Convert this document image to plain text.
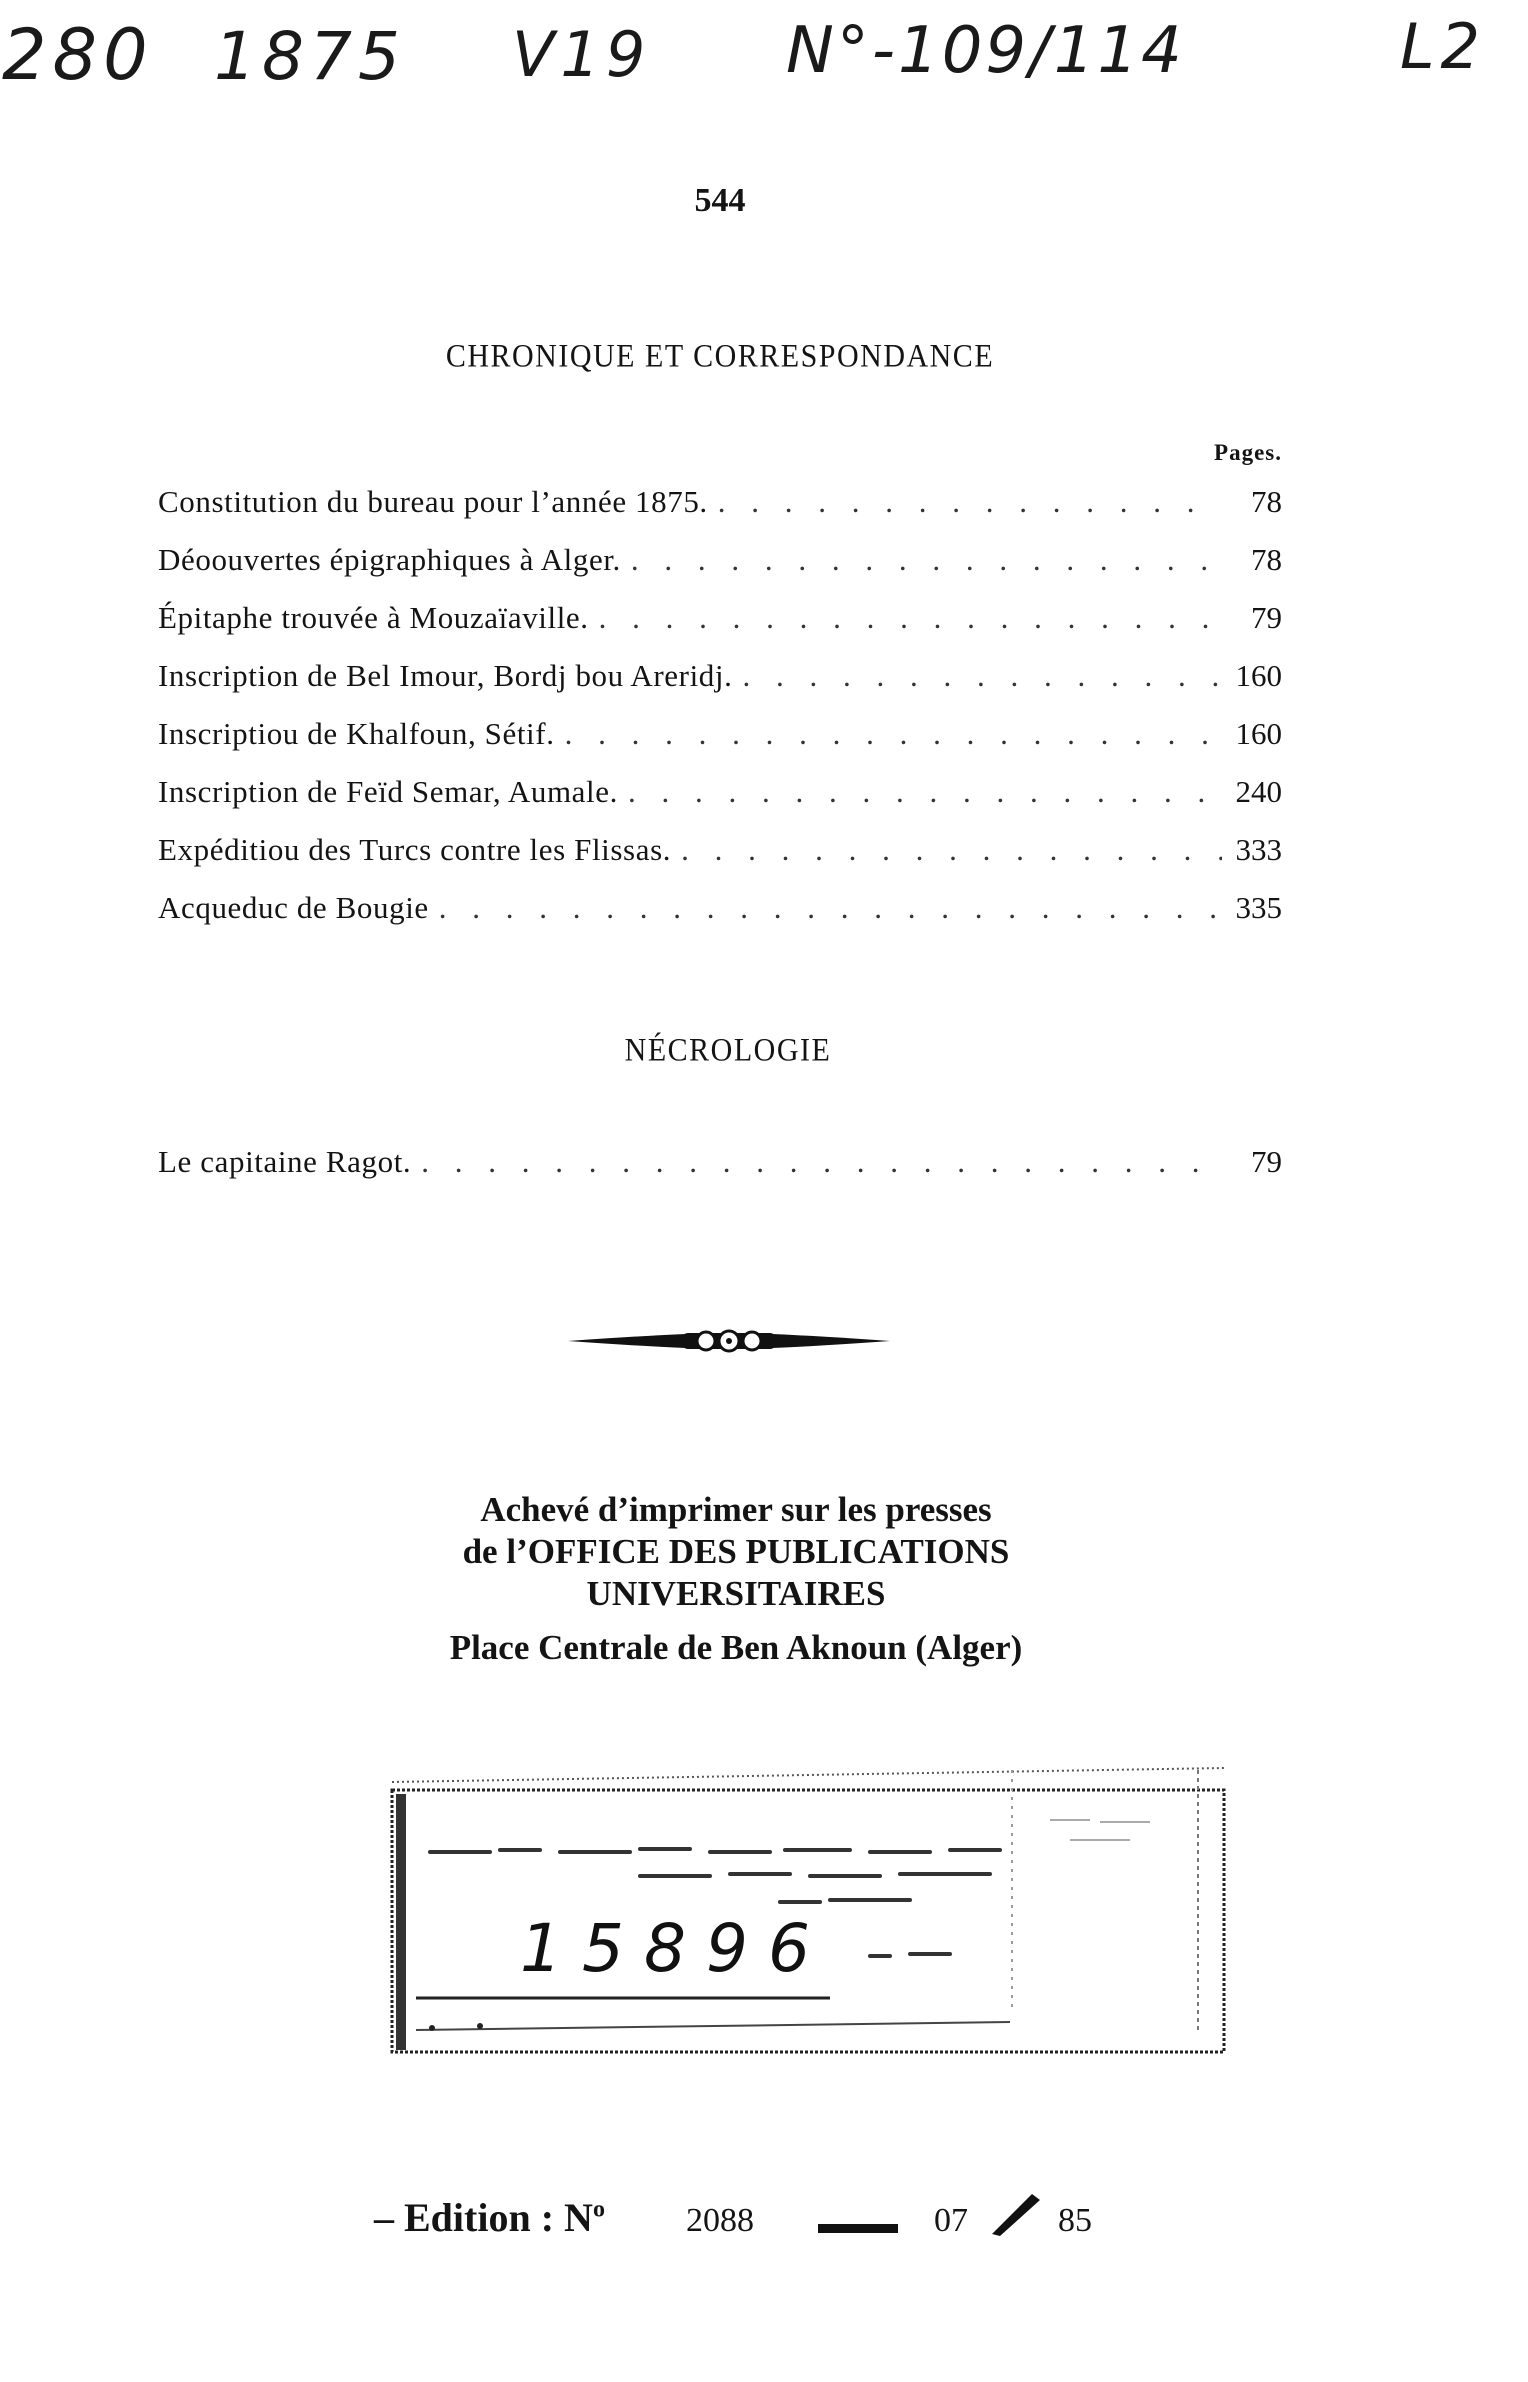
280 1875 V19 N°-109/114	L2
544
CHRONIQUE ET CORRESPONDANCE
Pages.
Constitution du bureau pour l’année 1875. . . .	78
Déoouvertes épigraphiques à Alger. . . .	78
Épitaphe trouvée à Mouzaïaville. . . .	79
Inscription de Bel Imour, Bordj bou Areridj. . . .	160
Inscriptiou de Khalfoun, Sétif. . . .	160
Inscription de Feïd Semar, Aumale. . . .	240
Expéditiou des Turcs contre les Flissas. . . .	333
Acqueduc de Bougie . . .	335
NÉCROLOGIE
Le capitaine Ragot. . . .	79
Achevé d’imprimer sur les presses
de l’OFFICE DES PUBLICATIONS
UNIVERSITAIRES
Place Centrale de Ben Aknoun (Alger)
15896
– Edition : $N^o$ 2088	07	85
